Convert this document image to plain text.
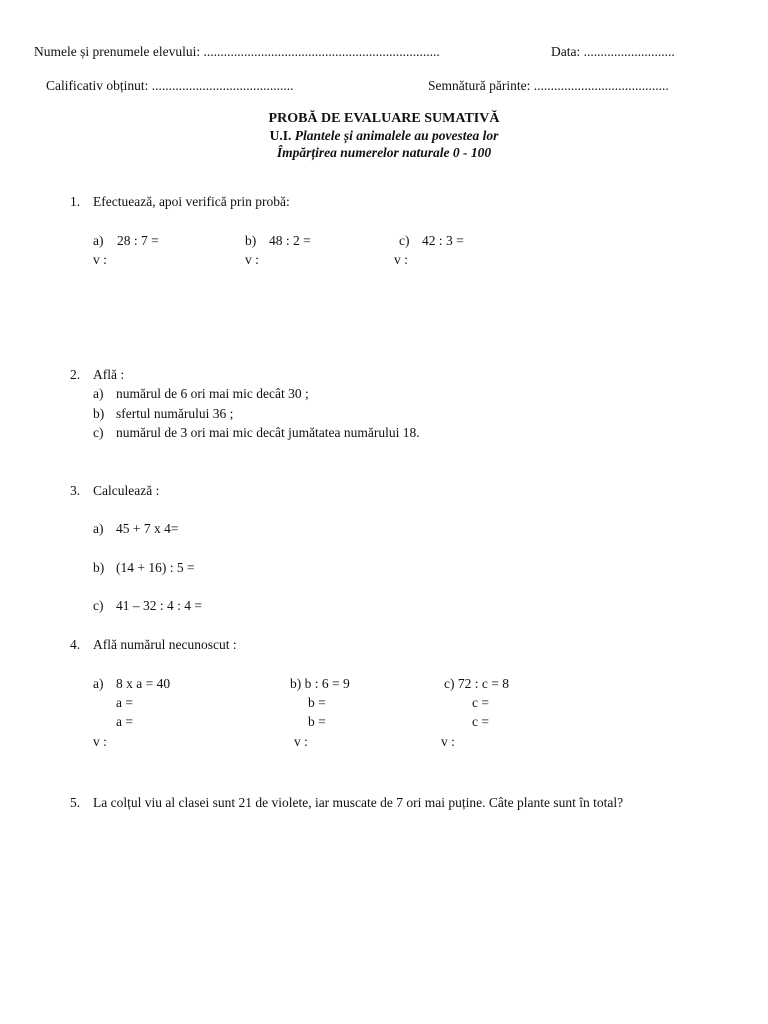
Numele și prenumele elevului: ......................................................................	Data: ...........................
Calificativ obținut: ..........................................	Semnătură părinte: ........................................
PROBĂ DE EVALUARE SUMATIVĂ
U.I. Plantele și animalele au povestea lor
Împărțirea numerelor naturale 0 - 100
1. Efectuează, apoi verifică prin probă:
a) 28 : 7 =
v :
b) 48 : 2 =
v :
c) 42 : 3 =
v :
2. Află :
a) numărul de 6 ori mai mic decât 30 ;
b) sfertul numărului 36 ;
c) numărul de 3 ori mai mic decât jumătatea numărului 18.
3. Calculează :
a) 45 + 7 x 4=
b) (14 + 16) : 5 =
c) 41 – 32 : 4 : 4 =
4. Află numărul necunoscut :
a) 8 x a = 40
a =
a =
v :
b) b : 6 = 9
b =
b =
v :
c) 72 : c = 8
c =
c =
v :
5. La colțul viu al clasei sunt 21 de violete, iar muscate de 7 ori mai puține. Câte plante sunt în total?
